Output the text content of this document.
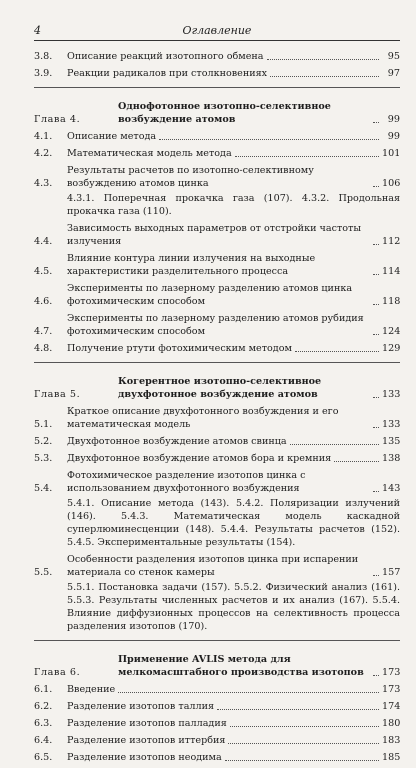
4	Оглавление
3.8.	Описание реакций изотопного обмена	95
3.9.	Реакции радикалов при столкновениях	97
Глава 4.
Однофотонное изотопно-селективное возбуждение атомов	99
4.1.	Описание метода	99
4.2.	Математическая модель метода	101
4.3.
Результаты расчетов по изотопно-селективному возбуждению атомов цинка	106
4.3.1. Поперечная прокачка газа (107). 4.3.2. Продольная прокачка газа (110).
4.4.
Зависимость выходных параметров от отстройки частоты излучения	112
4.5.
Влияние контура линии излучения на выходные характеристики разделительного процесса	114
4.6.
Эксперименты по лазерному разделению атомов цинка фотохимическим способом	118
4.7.
Эксперименты по лазерному разделению атомов рубидия фотохимическим способом	124
4.8.	Получение ртути фотохимическим методом	129
Глава 5.
Когерентное изотопно-селективное двухфотонное возбуждение атомов	133
5.1.
Краткое описание двухфотонного возбуждения и его математическая модель	133
5.2.	Двухфотонное возбуждение атомов свинца	135
5.3.	Двухфотонное возбуждение атомов бора и кремния	138
5.4.
Фотохимическое разделение изотопов цинка с использованием двухфотонного возбуждения	143
5.4.1. Описание метода (143). 5.4.2. Поляризации излучений (146). 5.4.3. Математическая модель каскадной суперлюминесценции (148). 5.4.4. Результаты расчетов (152). 5.4.5. Экспериментальные результаты (154).
5.5.
Особенности разделения изотопов цинка при испарении материала со стенок камеры	157
5.5.1. Постановка задачи (157). 5.5.2. Физический анализ (161). 5.5.3. Результаты численных расчетов и их анализ (167). 5.5.4. Влияние диффузионных процессов на селективность процесса разделения изотопов (170).
Глава 6.
Применение AVLIS метода для мелкомасштабного производства изотопов	173
6.1.	Введение	173
6.2.	Разделение изотопов таллия	174
6.3.	Разделение изотопов палладия	180
6.4.	Разделение изотопов иттербия	183
6.5.	Разделение изотопов неодима	185
